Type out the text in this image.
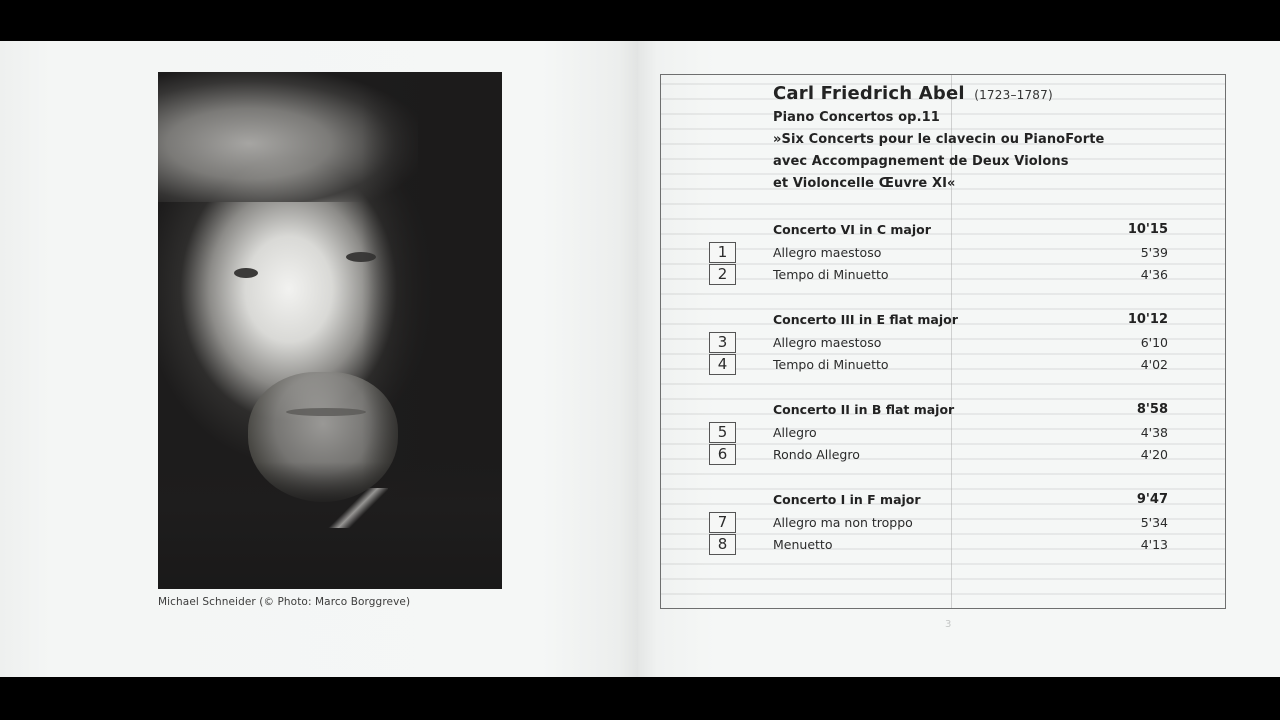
Michael Schneider (© Photo: Marco Borggreve)
Carl Friedrich Abel (1723–1787)
Piano Concertos op.11
»Six Concerts pour le clavecin ou PianoForte
avec Accompagnement de Deux Violons
et Violoncelle Œuvre XI«
Concerto VI in C major	10'15
1	Allegro maestoso	5'39
2	Tempo di Minuetto	4'36
Concerto III in E flat major	10'12
3	Allegro maestoso	6'10
4	Tempo di Minuetto	4'02
Concerto II in B flat major	8'58
5	Allegro	4'38
6	Rondo Allegro	4'20
Concerto I in F major	9'47
7	Allegro ma non troppo	5'34
8	Menuetto	4'13
3
